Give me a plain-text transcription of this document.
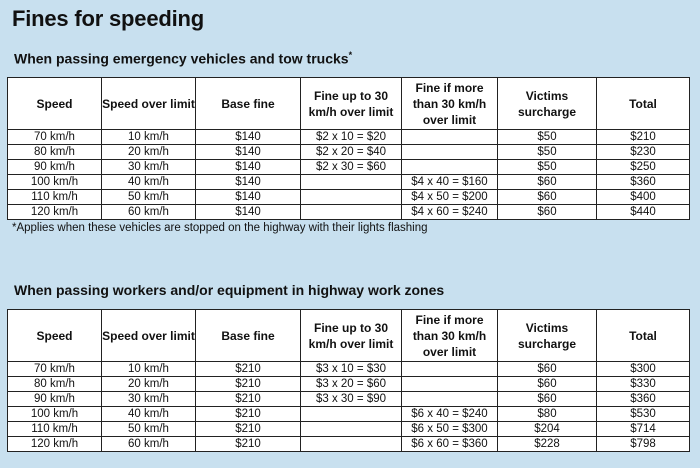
Fines for speeding
When passing emergency vehicles and tow trucks*
Speed	Speed over limit	Base fine	Fine up to 30 km/h over limit	Fine if more than 30 km/h over limit	Victims surcharge	Total
70 km/h	10 km/h	$140	$2 x 10 = $20		$50	$210
80 km/h	20 km/h	$140	$2 x 20 = $40		$50	$230
90 km/h	30 km/h	$140	$2 x 30 = $60		$50	$250
100 km/h	40 km/h	$140		$4 x 40 = $160	$60	$360
110 km/h	50 km/h	$140		$4 x 50 = $200	$60	$400
120 km/h	60 km/h	$140		$4 x 60 = $240	$60	$440
*Applies when these vehicles are stopped on the highway with their lights flashing
When passing workers and/or equipment in highway work zones
Speed	Speed over limit	Base fine	Fine up to 30 km/h over limit	Fine if more than 30 km/h over limit	Victims surcharge	Total
70 km/h	10 km/h	$210	$3 x 10 = $30		$60	$300
80 km/h	20 km/h	$210	$3 x 20 = $60		$60	$330
90 km/h	30 km/h	$210	$3 x 30 = $90		$60	$360
100 km/h	40 km/h	$210		$6 x 40 = $240	$80	$530
110 km/h	50 km/h	$210		$6 x 50 = $300	$204	$714
120 km/h	60 km/h	$210		$6 x 60 = $360	$228	$798
